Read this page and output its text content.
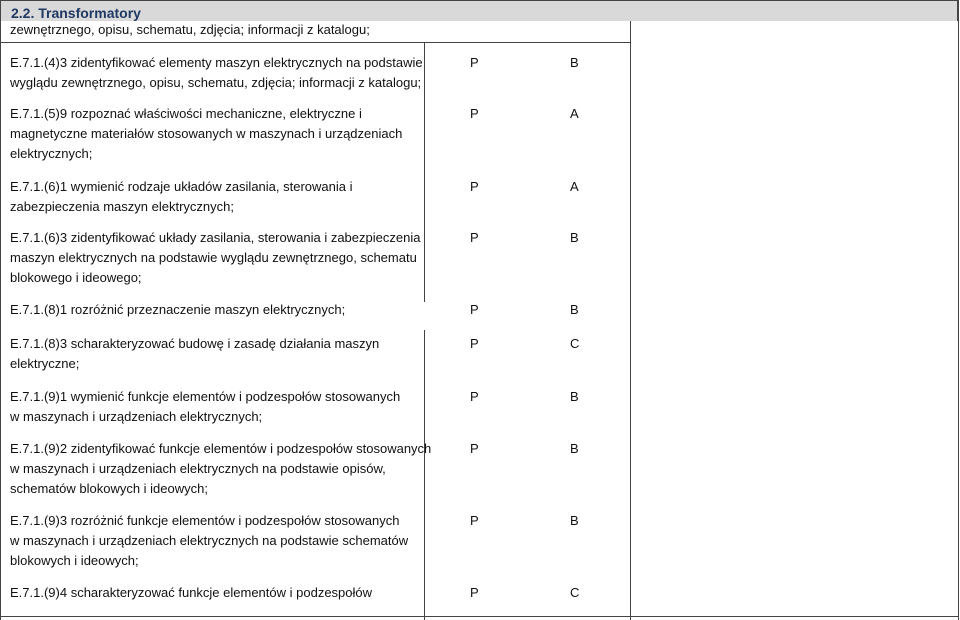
2.2. Transformatory
zewnętrznego, opisu, schematu, zdjęcia; informacji z katalogu;
E.7.1.(4)3 zidentyfikować elementy maszyn elektrycznych na podstawie
wyglądu zewnętrznego, opisu, schematu, zdjęcia; informacji z katalogu;
P	B
E.7.1.(5)9 rozpoznać właściwości mechaniczne, elektryczne i
magnetyczne materiałów stosowanych w maszynach i urządzeniach
elektrycznych;
P	A
E.7.1.(6)1 wymienić rodzaje układów zasilania, sterowania i
zabezpieczenia maszyn elektrycznych;
P	A
E.7.1.(6)3 zidentyfikować układy zasilania, sterowania i zabezpieczenia
maszyn elektrycznych na podstawie wyglądu zewnętrznego, schematu
blokowego i ideowego;
P	B
E.7.1.(8)1 rozróżnić przeznaczenie maszyn elektrycznych;	P	B
E.7.1.(8)3 scharakteryzować budowę i zasadę działania maszyn
elektryczne;
P	C
E.7.1.(9)1 wymienić funkcje elementów i podzespołów stosowanych
w maszynach i urządzeniach elektrycznych;
P	B
E.7.1.(9)2 zidentyfikować funkcje elementów i podzespołów stosowanych
w maszynach i urządzeniach elektrycznych na podstawie opisów,
schematów blokowych i ideowych;
P	B
E.7.1.(9)3 rozróżnić funkcje elementów i podzespołów stosowanych
w maszynach i urządzeniach elektrycznych na podstawie schematów
blokowych i ideowych;
P	B
E.7.1.(9)4 scharakteryzować funkcje elementów i podzespołów	P	C
